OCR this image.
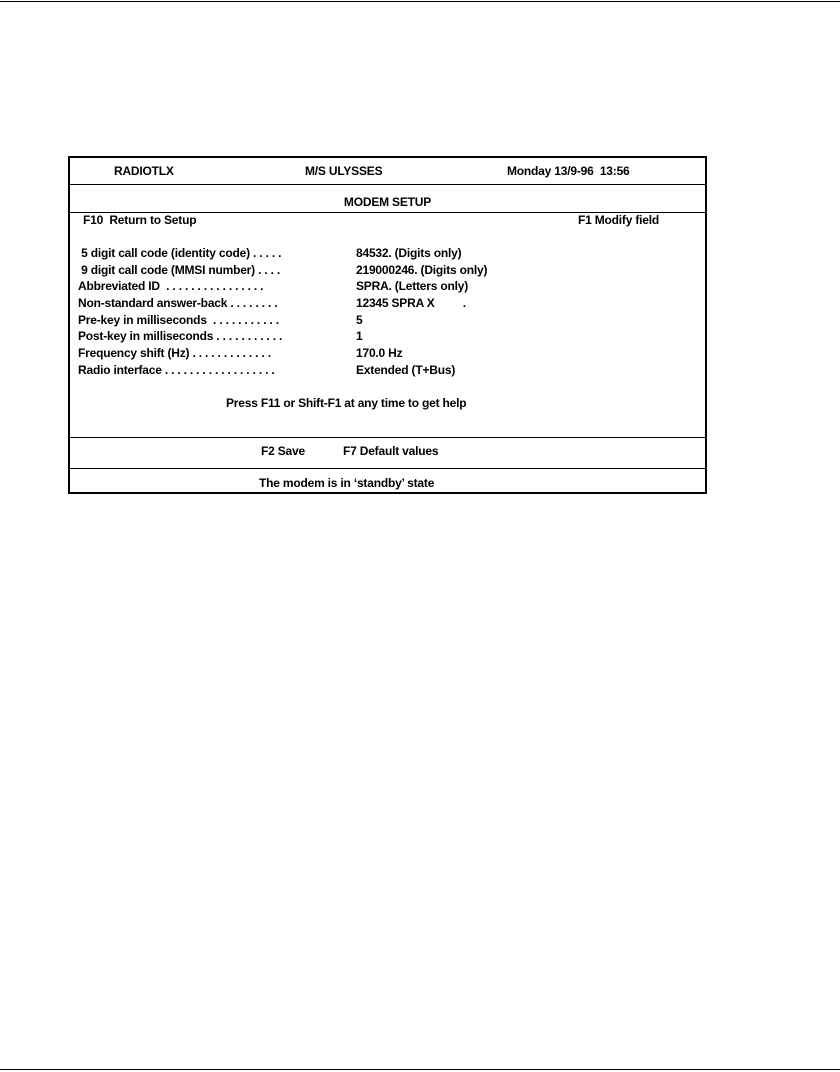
RADIOTLX	M/S ULYSSES	Monday 13/9-96  13:56
MODEM SETUP
F10  Return to Setup	F1 Modify field
5 digit call code (identity code) . . . . .	84532. (Digits only)
9 digit call code (MMSI number) . . . .	219000246. (Digits only)
Abbreviated ID  . . . . . . . . . . . . . . . .	SPRA. (Letters only)
Non-standard answer-back . . . . . . . .	12345 SPRA X         .
Pre-key in milliseconds  . . . . . . . . . . .	5
Post-key in milliseconds . . . . . . . . . . .	1
Frequency shift (Hz) . . . . . . . . . . . . .	170.0 Hz
Radio interface . . . . . . . . . . . . . . . . . .	Extended (T+Bus)
Press F11 or Shift-F1 at any time to get help
F2 Save	F7 Default values
The modem is in ‘standby’ state
